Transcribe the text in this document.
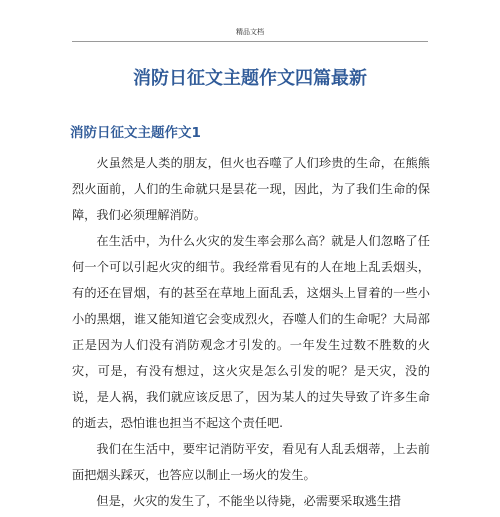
精品文档
消防日征文主题作文四篇最新
消防日征文主题作文1

火虽然是人类的朋友，但火也吞噬了人们珍贵的生命，在熊熊烈火面前，人们的生命就只是昙花一现，因此，为了我们生命的保障，我们必须理解消防。

在生活中，为什么火灾的发生率会那么高？就是人们忽略了任何一个可以引起火灾的细节。我经常看见有的人在地上乱丢烟头，有的还在冒烟，有的甚至在草地上面乱丢，这烟头上冒着的一些小小的黑烟，谁又能知道它会变成烈火，吞噬人们的生命呢？大局部正是因为人们没有消防观念才引发的。一年发生过数不胜数的火灾，可是，有没有想过，这火灾是怎么引发的呢？是天灾，没的说，是人祸，我们就应该反思了，因为某人的过失导致了许多生命的逝去，恐怕谁也担当不起这个责任吧.

我们在生活中，要牢记消防平安，看见有人乱丢烟蒂，上去前面把烟头踩灭，也答应以制止一场火的发生。

但是，火灾的发生了，不能坐以待毙，必需要采取逃生措
